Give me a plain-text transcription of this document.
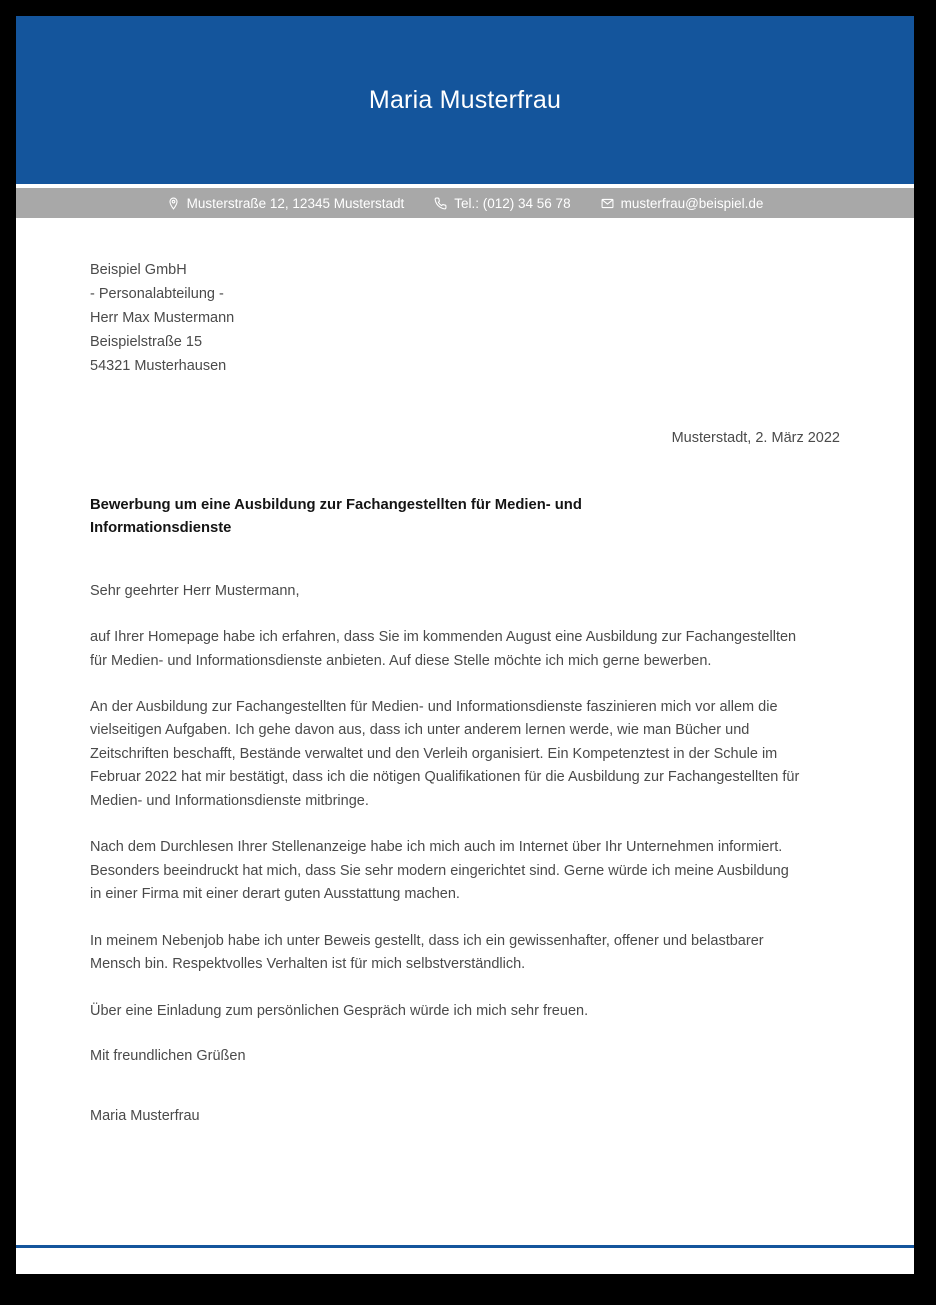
Maria Musterfrau
Musterstraße 12, 12345 Musterstadt	Tel.: (012) 34 56 78	musterfrau@beispiel.de
Beispiel GmbH
- Personalabteilung -
Herr Max Mustermann
Beispielstraße 15
54321 Musterhausen
Musterstadt, 2. März 2022
Bewerbung um eine Ausbildung zur Fachangestellten für Medien- und Informationsdienste
Sehr geehrter Herr Mustermann,
auf Ihrer Homepage habe ich erfahren, dass Sie im kommenden August eine Ausbildung zur Fachangestellten für Medien- und Informationsdienste anbieten. Auf diese Stelle möchte ich mich gerne bewerben.
An der Ausbildung zur Fachangestellten für Medien- und Informationsdienste faszinieren mich vor allem die vielseitigen Aufgaben. Ich gehe davon aus, dass ich unter anderem lernen werde, wie man Bücher und Zeitschriften beschafft, Bestände verwaltet und den Verleih organisiert. Ein Kompetenztest in der Schule im Februar 2022 hat mir bestätigt, dass ich die nötigen Qualifikationen für die Ausbildung zur Fachangestellten für Medien- und Informationsdienste mitbringe.
Nach dem Durchlesen Ihrer Stellenanzeige habe ich mich auch im Internet über Ihr Unternehmen informiert. Besonders beeindruckt hat mich, dass Sie sehr modern eingerichtet sind. Gerne würde ich meine Ausbildung in einer Firma mit einer derart guten Ausstattung machen.
In meinem Nebenjob habe ich unter Beweis gestellt, dass ich ein gewissenhafter, offener und belastbarer Mensch bin. Respektvolles Verhalten ist für mich selbstverständlich.
Über eine Einladung zum persönlichen Gespräch würde ich mich sehr freuen.
Mit freundlichen Grüßen
Maria Musterfrau
